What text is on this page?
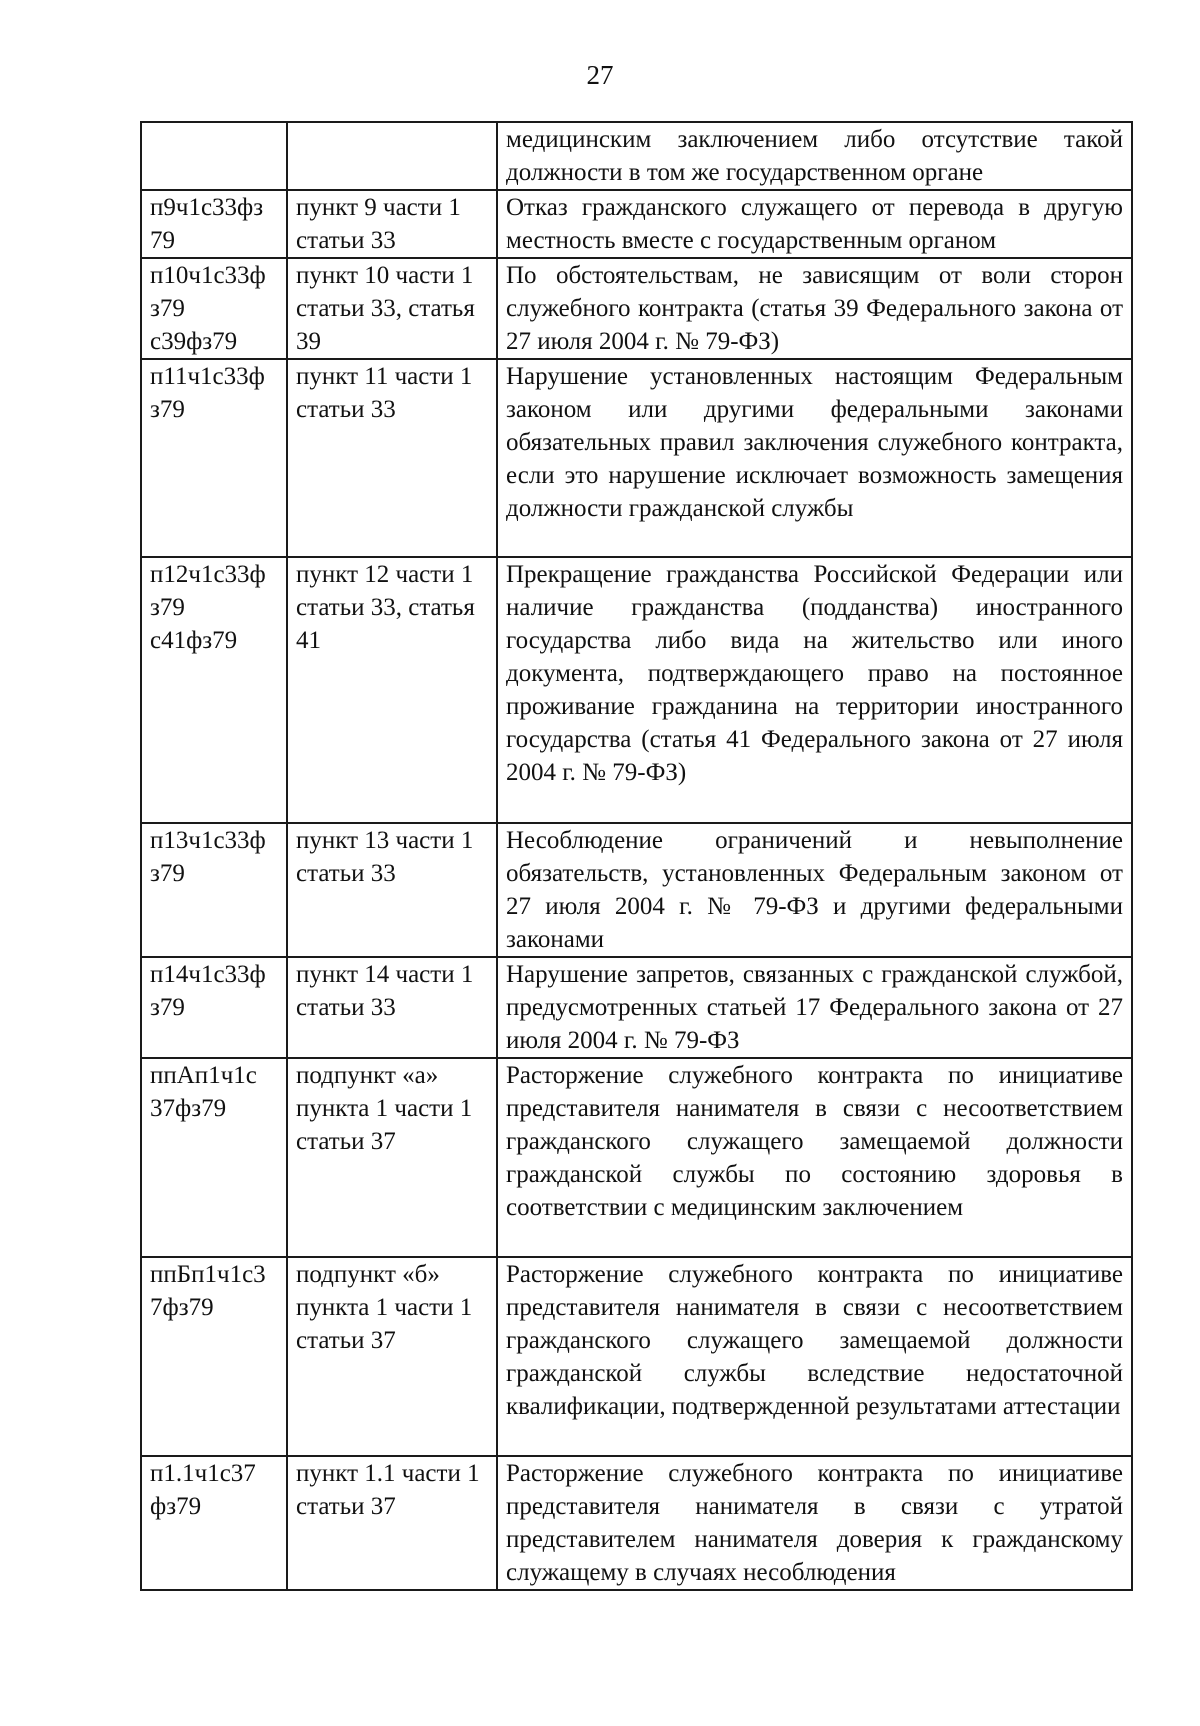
27
		медицинским заключением либо отсутствие такой должности в том же государственном органе
п9ч1с33фз 79	пункт 9 части 1 статьи 33	Отказ гражданского служащего от перевода в другую местность вместе с государственным органом
п10ч1с33ф з79 с39фз79	пункт 10 части 1 статьи 33, статья 39	По обстоятельствам, не зависящим от воли сторон служебного контракта (статья 39 Федерального закона от 27 июля 2004 г. № 79-ФЗ)
п11ч1с33ф з79	пункт 11 части 1 статьи 33	Нарушение установленных настоящим Федеральным законом или другими федеральными законами обязательных правил заключения служебного контракта, если это нарушение исключает возможность замещения должности гражданской службы
п12ч1с33ф з79 с41фз79	пункт 12 части 1 статьи 33, статья 41	Прекращение гражданства Российской Федерации или наличие гражданства (подданства) иностранного государства либо вида на жительство или иного документа, подтверждающего право на постоянное проживание гражданина на территории иностранного государства (статья 41 Федерального закона от 27 июля 2004 г. № 79-ФЗ)
п13ч1с33ф з79	пункт 13 части 1 статьи 33	Несоблюдение ограничений и невыполнение обязательств, установленных Федеральным законом от 27 июля 2004 г. № 79-ФЗ и другими федеральными законами
п14ч1с33ф з79	пункт 14 части 1 статьи 33	Нарушение запретов, связанных с гражданской службой, предусмотренных статьей 17 Федерального закона от 27 июля 2004 г. № 79-ФЗ
ппАп1ч1с 37фз79	подпункт «а» пункта 1 части 1 статьи 37	Расторжение служебного контракта по инициативе представителя нанимателя в связи с несоответствием гражданского служащего замещаемой должности гражданской службы по состоянию здоровья в соответствии с медицинским заключением
ппБп1ч1с3 7фз79	подпункт «б» пункта 1 части 1 статьи 37	Расторжение служебного контракта по инициативе представителя нанимателя в связи с несоответствием гражданского служащего замещаемой должности гражданской службы вследствие недостаточной квалификации, подтвержденной результатами аттестации
п1.1ч1с37 фз79	пункт 1.1 части 1 статьи 37	Расторжение служебного контракта по инициативе представителя нанимателя в связи с утратой представителем нанимателя доверия к гражданскому служащему в случаях несоблюдения
